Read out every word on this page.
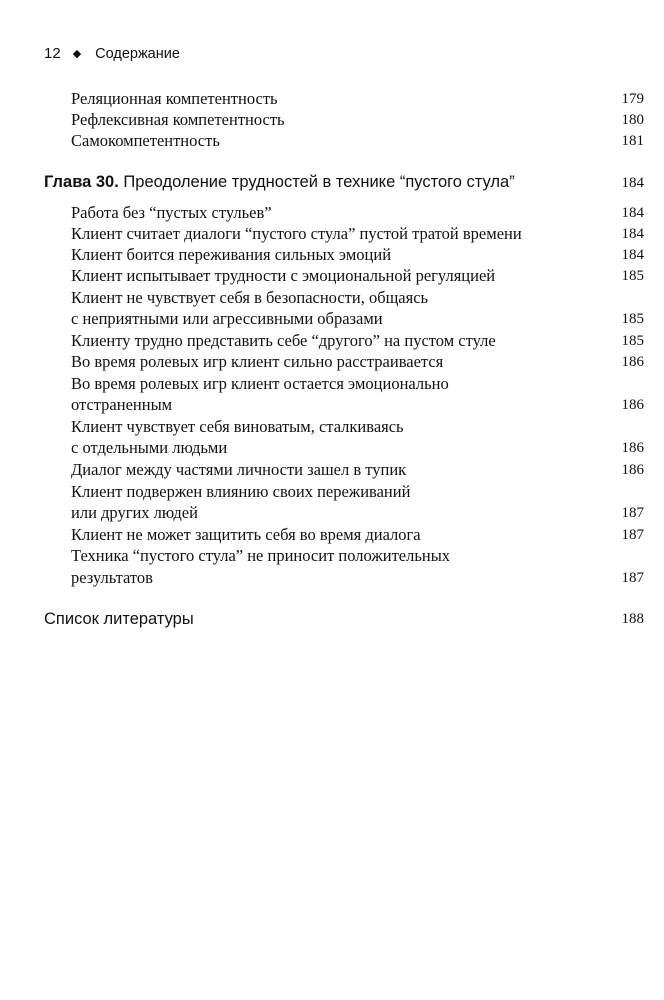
12 ◆ Содержание
Реляционная компетентность	179
Рефлексивная компетентность	180
Самокомпетентность	181
Глава 30. Преодоление трудностей в технике “пустого стула”	184
Работа без “пустых стульев”	184
Клиент считает диалоги “пустого стула” пустой тратой времени	184
Клиент боится переживания сильных эмоций	184
Клиент испытывает трудности с эмоциональной регуляцией	185
Клиент не чувствует себя в безопасности, общаясь
с неприятными или агрессивными образами	185
Клиенту трудно представить себе “другого” на пустом стуле	185
Во время ролевых игр клиент сильно расстраивается	186
Во время ролевых игр клиент остается эмоционально
отстраненным	186
Клиент чувствует себя виноватым, сталкиваясь
с отдельными людьми	186
Диалог между частями личности зашел в тупик	186
Клиент подвержен влиянию своих переживаний
или других людей	187
Клиент не может защитить себя во время диалога	187
Техника “пустого стула” не приносит положительных
результатов	187
Список литературы	188
